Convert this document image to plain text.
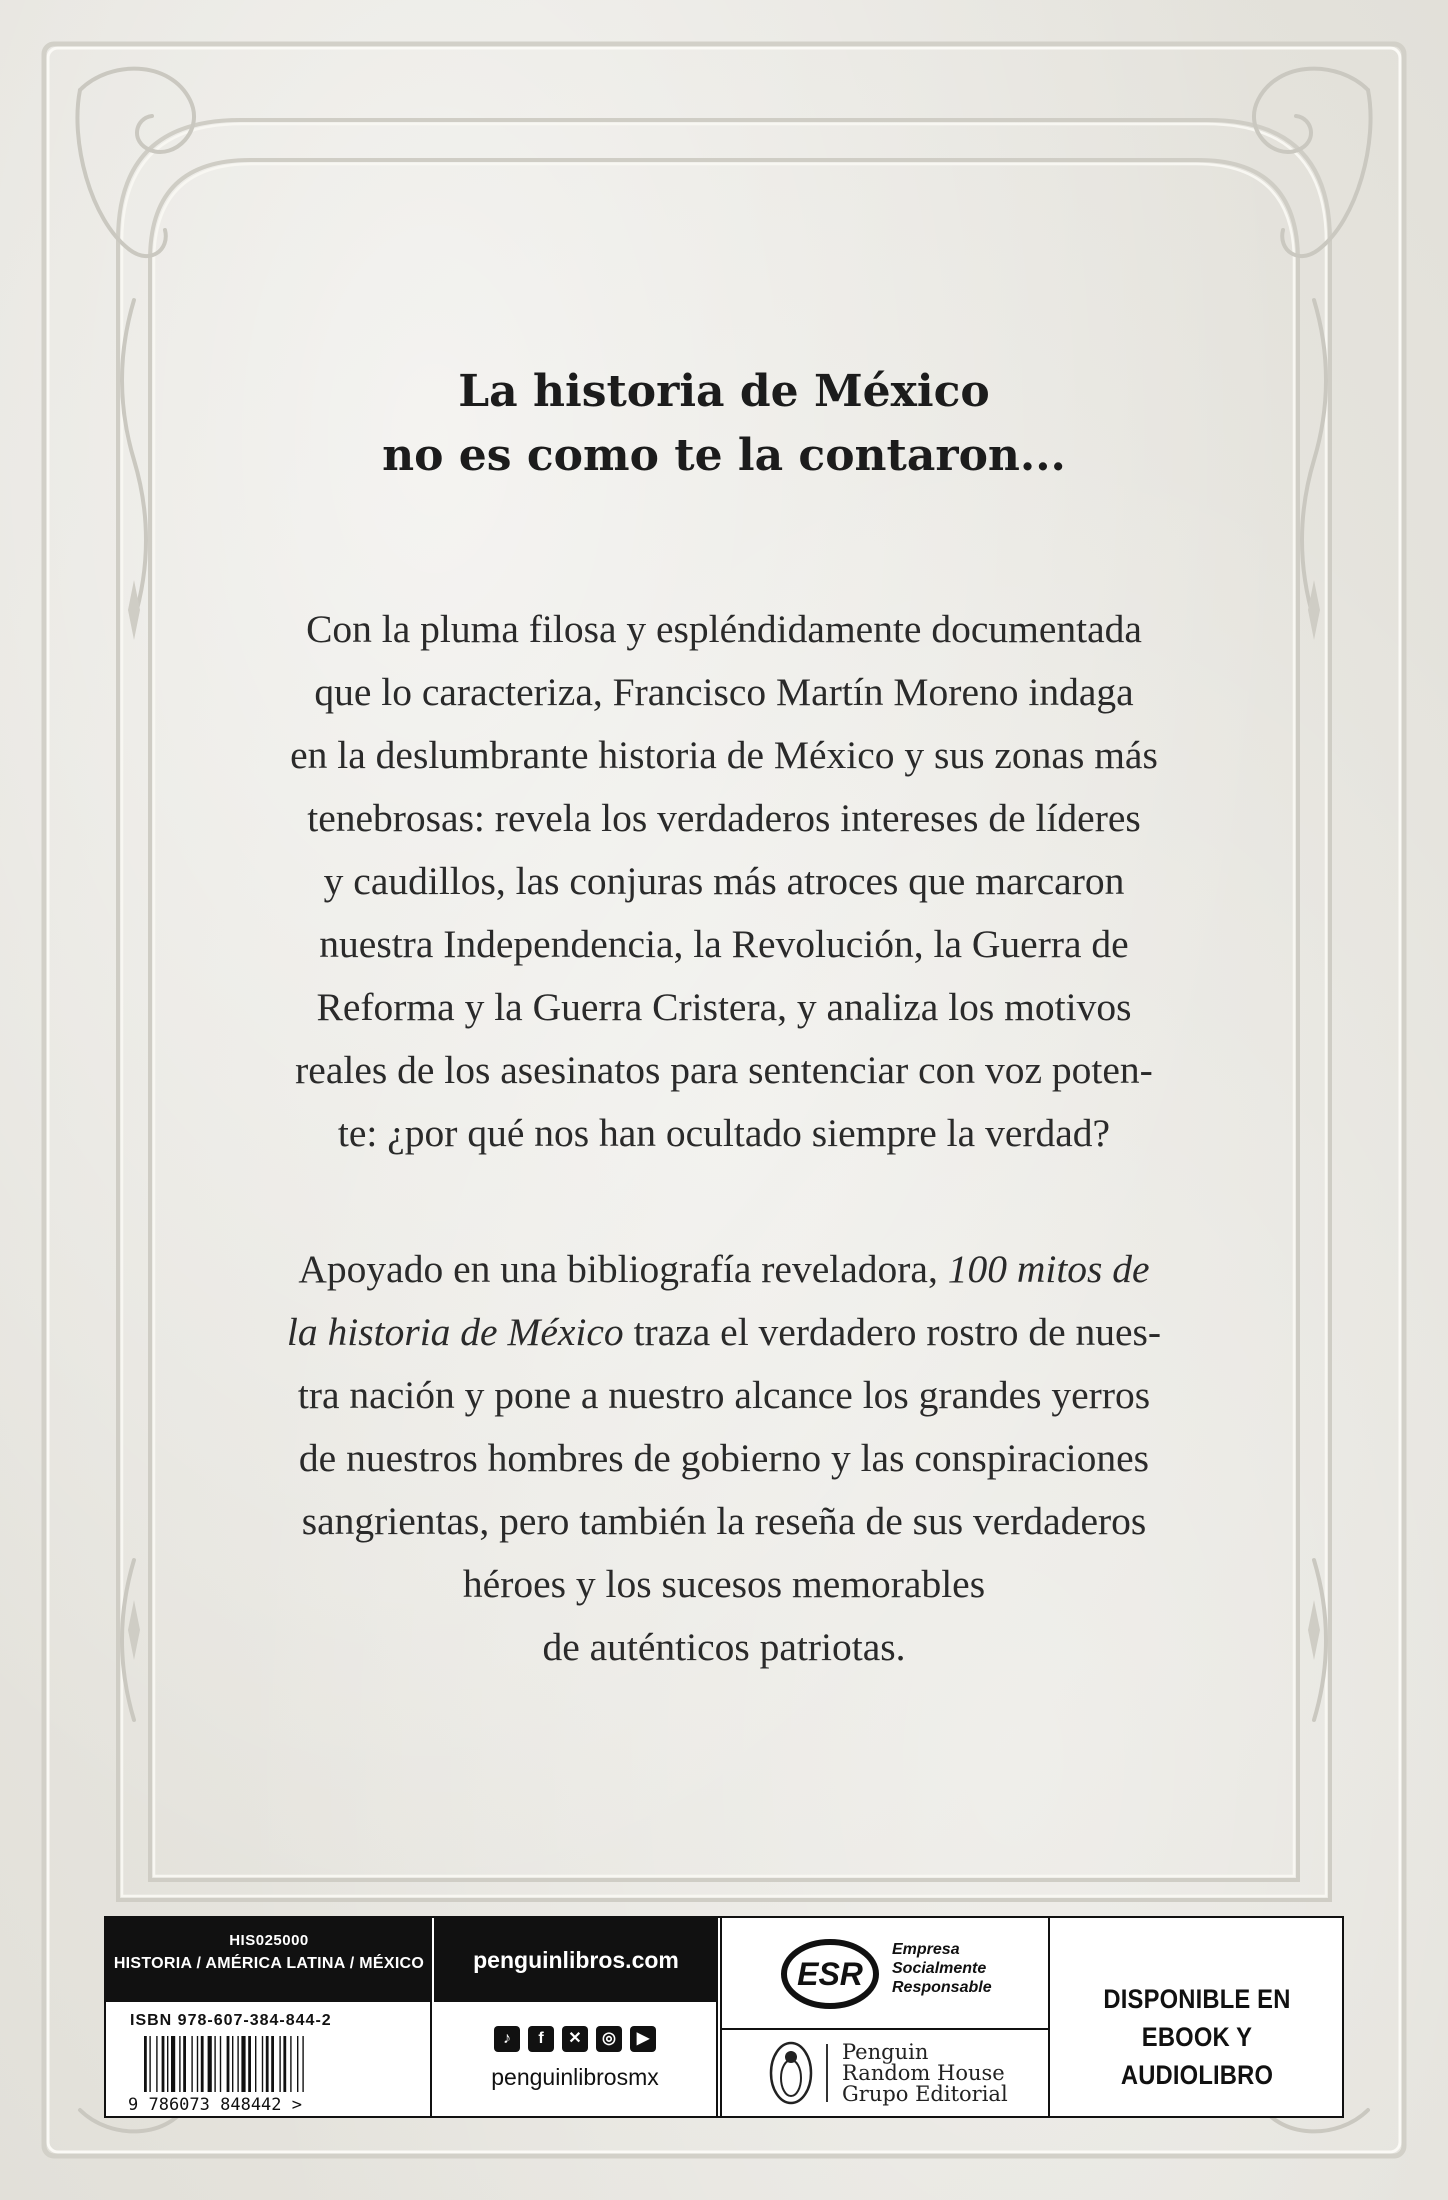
La historia de México
no es como te la contaron...

Con la pluma filosa y espléndidamente documentada
que lo caracteriza, Francisco Martín Moreno indaga
en la deslumbrante historia de México y sus zonas más
tenebrosas: revela los verdaderos intereses de líderes
y caudillos, las conjuras más atroces que marcaron
nuestra Independencia, la Revolución, la Guerra de
Reforma y la Guerra Cristera, y analiza los motivos
reales de los asesinatos para sentenciar con voz poten-
te: ¿por qué nos han ocultado siempre la verdad?

Apoyado en una bibliografía reveladora, 100 mitos de
la historia de México traza el verdadero rostro de nues-
tra nación y pone a nuestro alcance los grandes yerros
de nuestros hombres de gobierno y las conspiraciones
sangrientas, pero también la reseña de sus verdaderos
héroes y los sucesos memorables
de auténticos patriotas.

HIS025000
HISTORIA / AMÉRICA LATINA / MÉXICO	penguinlibros.com
ISBN 978-607-384-844-2
9 786073 848442 >
♪	f	✕	◎	▶
penguinlibrosmx
ESR
Empresa
Socialmente
Responsable
Penguin
Random House
Grupo Editorial
DISPONIBLE EN
EBOOK Y AUDIOLIBRO
